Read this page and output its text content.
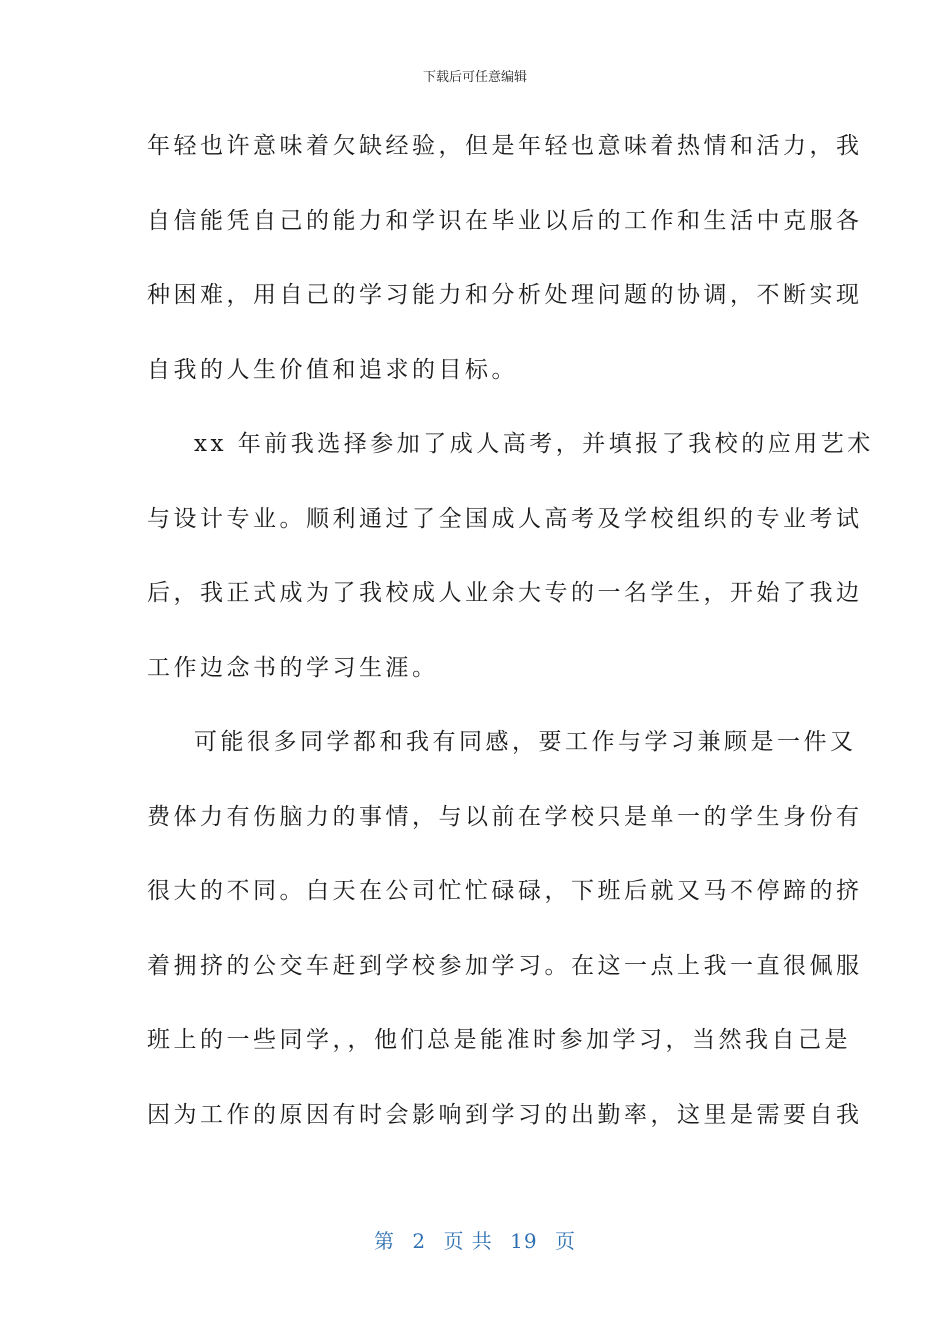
下载后可任意编辑
年轻也许意味着欠缺经验，但是年轻也意味着热情和活力，我
自信能凭自己的能力和学识在毕业以后的工作和生活中克服各
种困难，用自己的学习能力和分析处理问题的协调，不断实现
自我的人生价值和追求的目标。
xx 年前我选择参加了成人高考，并填报了我校的应用艺术
与设计专业。顺利通过了全国成人高考及学校组织的专业考试
后，我正式成为了我校成人业余大专的一名学生，开始了我边
工作边念书的学习生涯。
可能很多同学都和我有同感，要工作与学习兼顾是一件又
费体力有伤脑力的事情，与以前在学校只是单一的学生身份有
很大的不同。白天在公司忙忙碌碌，下班后就又马不停蹄的挤
着拥挤的公交车赶到学校参加学习。在这一点上我一直很佩服
班上的一些同学，，他们总是能准时参加学习，当然我自己是
因为工作的原因有时会影响到学习的出勤率，这里是需要自我
第 2 页 共 19 页
